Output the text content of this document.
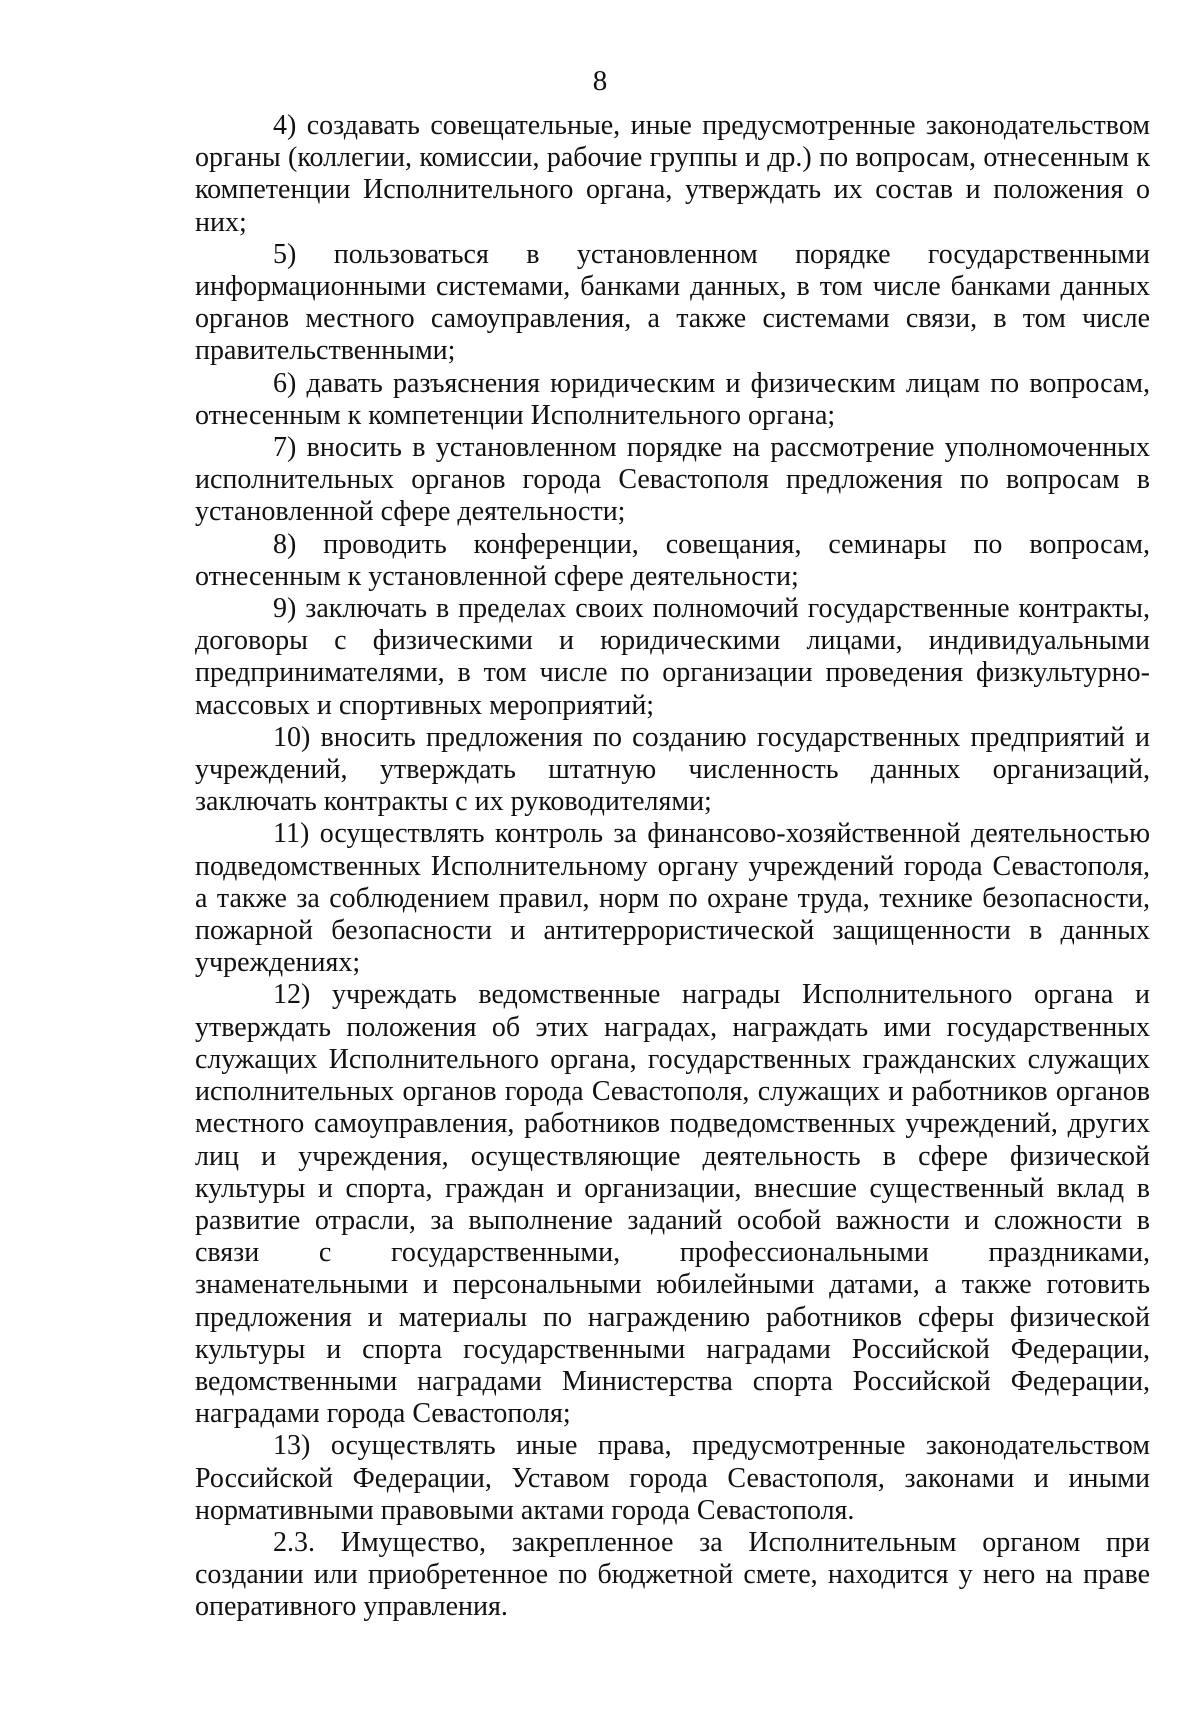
8

4) создавать совещательные, иные предусмотренные законодательством органы (коллегии, комиссии, рабочие группы и др.) по вопросам, отнесенным к компетенции Исполнительного органа, утверждать их состав и положения о них;

5) пользоваться в установленном порядке государственными информационными системами, банками данных, в том числе банками данных органов местного самоуправления, а также системами связи, в том числе правительственными;

6) давать разъяснения юридическим и физическим лицам по вопросам, отнесенным к компетенции Исполнительного органа;

7) вносить в установленном порядке на рассмотрение уполномоченных исполнительных органов города Севастополя предложения по вопросам в установленной сфере деятельности;

8) проводить конференции, совещания, семинары по вопросам, отнесенным к установленной сфере деятельности;

9) заключать в пределах своих полномочий государственные контракты, договоры с физическими и юридическими лицами, индивидуальными предпринимателями, в том числе по организации проведения физкультурно-массовых и спортивных мероприятий;

10) вносить предложения по созданию государственных предприятий и учреждений, утверждать штатную численность данных организаций, заключать контракты с их руководителями;

11) осуществлять контроль за финансово-хозяйственной деятельностью подведомственных Исполнительному органу учреждений города Севастополя, а также за соблюдением правил, норм по охране труда, технике безопасности, пожарной безопасности и антитеррористической защищенности в данных учреждениях;

12) учреждать ведомственные награды Исполнительного органа и утверждать положения об этих наградах, награждать ими государственных служащих Исполнительного органа, государственных гражданских служащих исполнительных органов города Севастополя, служащих и работников органов местного самоуправления, работников подведомственных учреждений, других лиц и учреждения, осуществляющие деятельность в сфере физической культуры и спорта, граждан и организации, внесшие существенный вклад в развитие отрасли, за выполнение заданий особой важности и сложности в связи с государственными, профессиональными праздниками, знаменательными и персональными юбилейными датами, а также готовить предложения и материалы по награждению работников сферы физической культуры и спорта государственными наградами Российской Федерации, ведомственными наградами Министерства спорта Российской Федерации, наградами города Севастополя;

13) осуществлять иные права, предусмотренные законодательством Российской Федерации, Уставом города Севастополя, законами и иными нормативными правовыми актами города Севастополя.

2.3. Имущество, закрепленное за Исполнительным органом при создании или приобретенное по бюджетной смете, находится у него на праве оперативного управления.
